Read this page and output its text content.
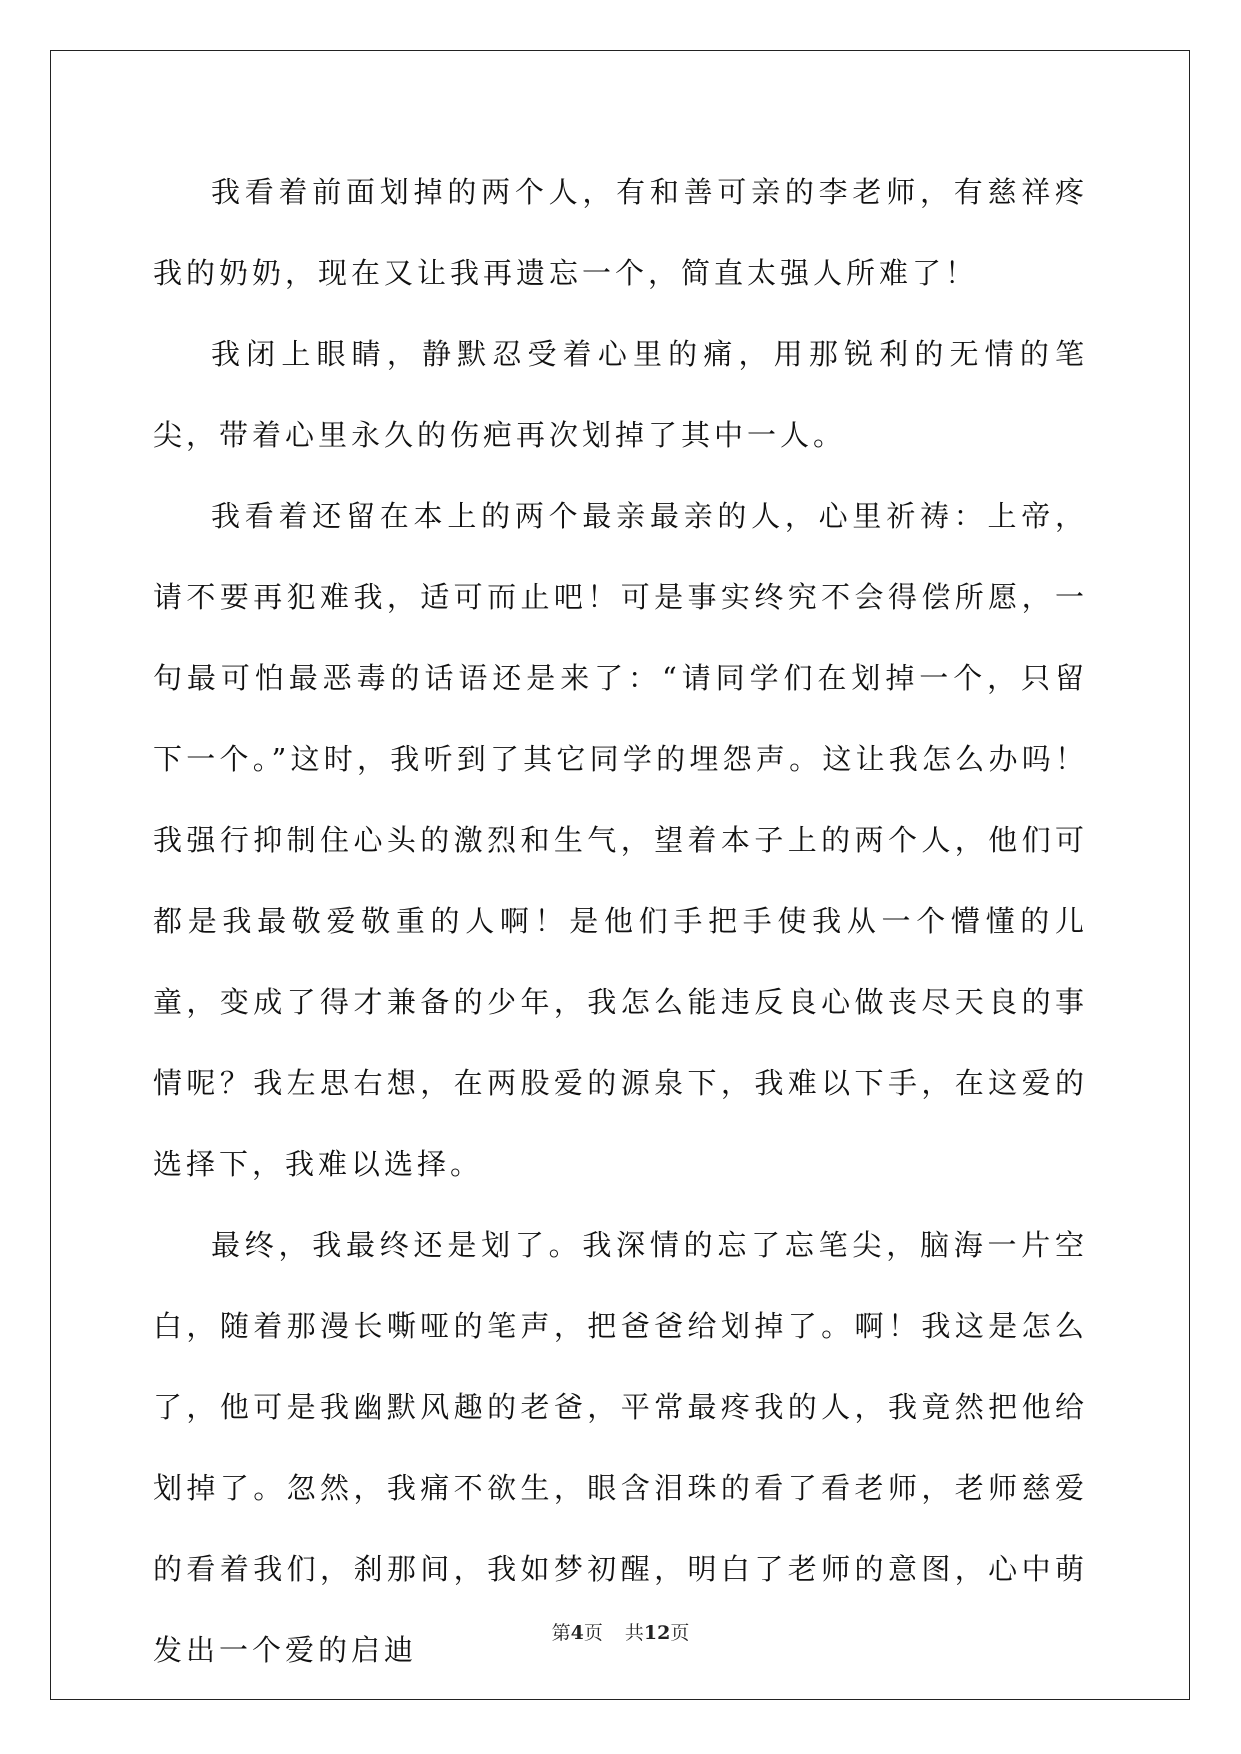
我看着前面划掉的两个人，有和善可亲的李老师，有慈祥疼我的奶奶，现在又让我再遗忘一个，简直太强人所难了！

我闭上眼睛，静默忍受着心里的痛，用那锐利的无情的笔尖，带着心里永久的伤疤再次划掉了其中一人。

我看着还留在本上的两个最亲最亲的人，心里祈祷：上帝，请不要再犯难我，适可而止吧！可是事实终究不会得偿所愿，一句最可怕最恶毒的话语还是来了：“请同学们在划掉一个，只留下一个。”这时，我听到了其它同学的埋怨声。这让我怎么办吗！我强行抑制住心头的激烈和生气，望着本子上的两个人，他们可都是我最敬爱敬重的人啊！是他们手把手使我从一个懵懂的儿童，变成了得才兼备的少年，我怎么能违反良心做丧尽天良的事情呢？我左思右想，在两股爱的源泉下，我难以下手，在这爱的选择下，我难以选择。

最终，我最终还是划了。我深情的忘了忘笔尖，脑海一片空白，随着那漫长嘶哑的笔声，把爸爸给划掉了。啊！我这是怎么了，他可是我幽默风趣的老爸，平常最疼我的人，我竟然把他给划掉了。忽然，我痛不欲生，眼含泪珠的看了看老师，老师慈爱的看着我们，刹那间，我如梦初醒，明白了老师的意图，心中萌发出一个爱的启迪	第4页 共12页
